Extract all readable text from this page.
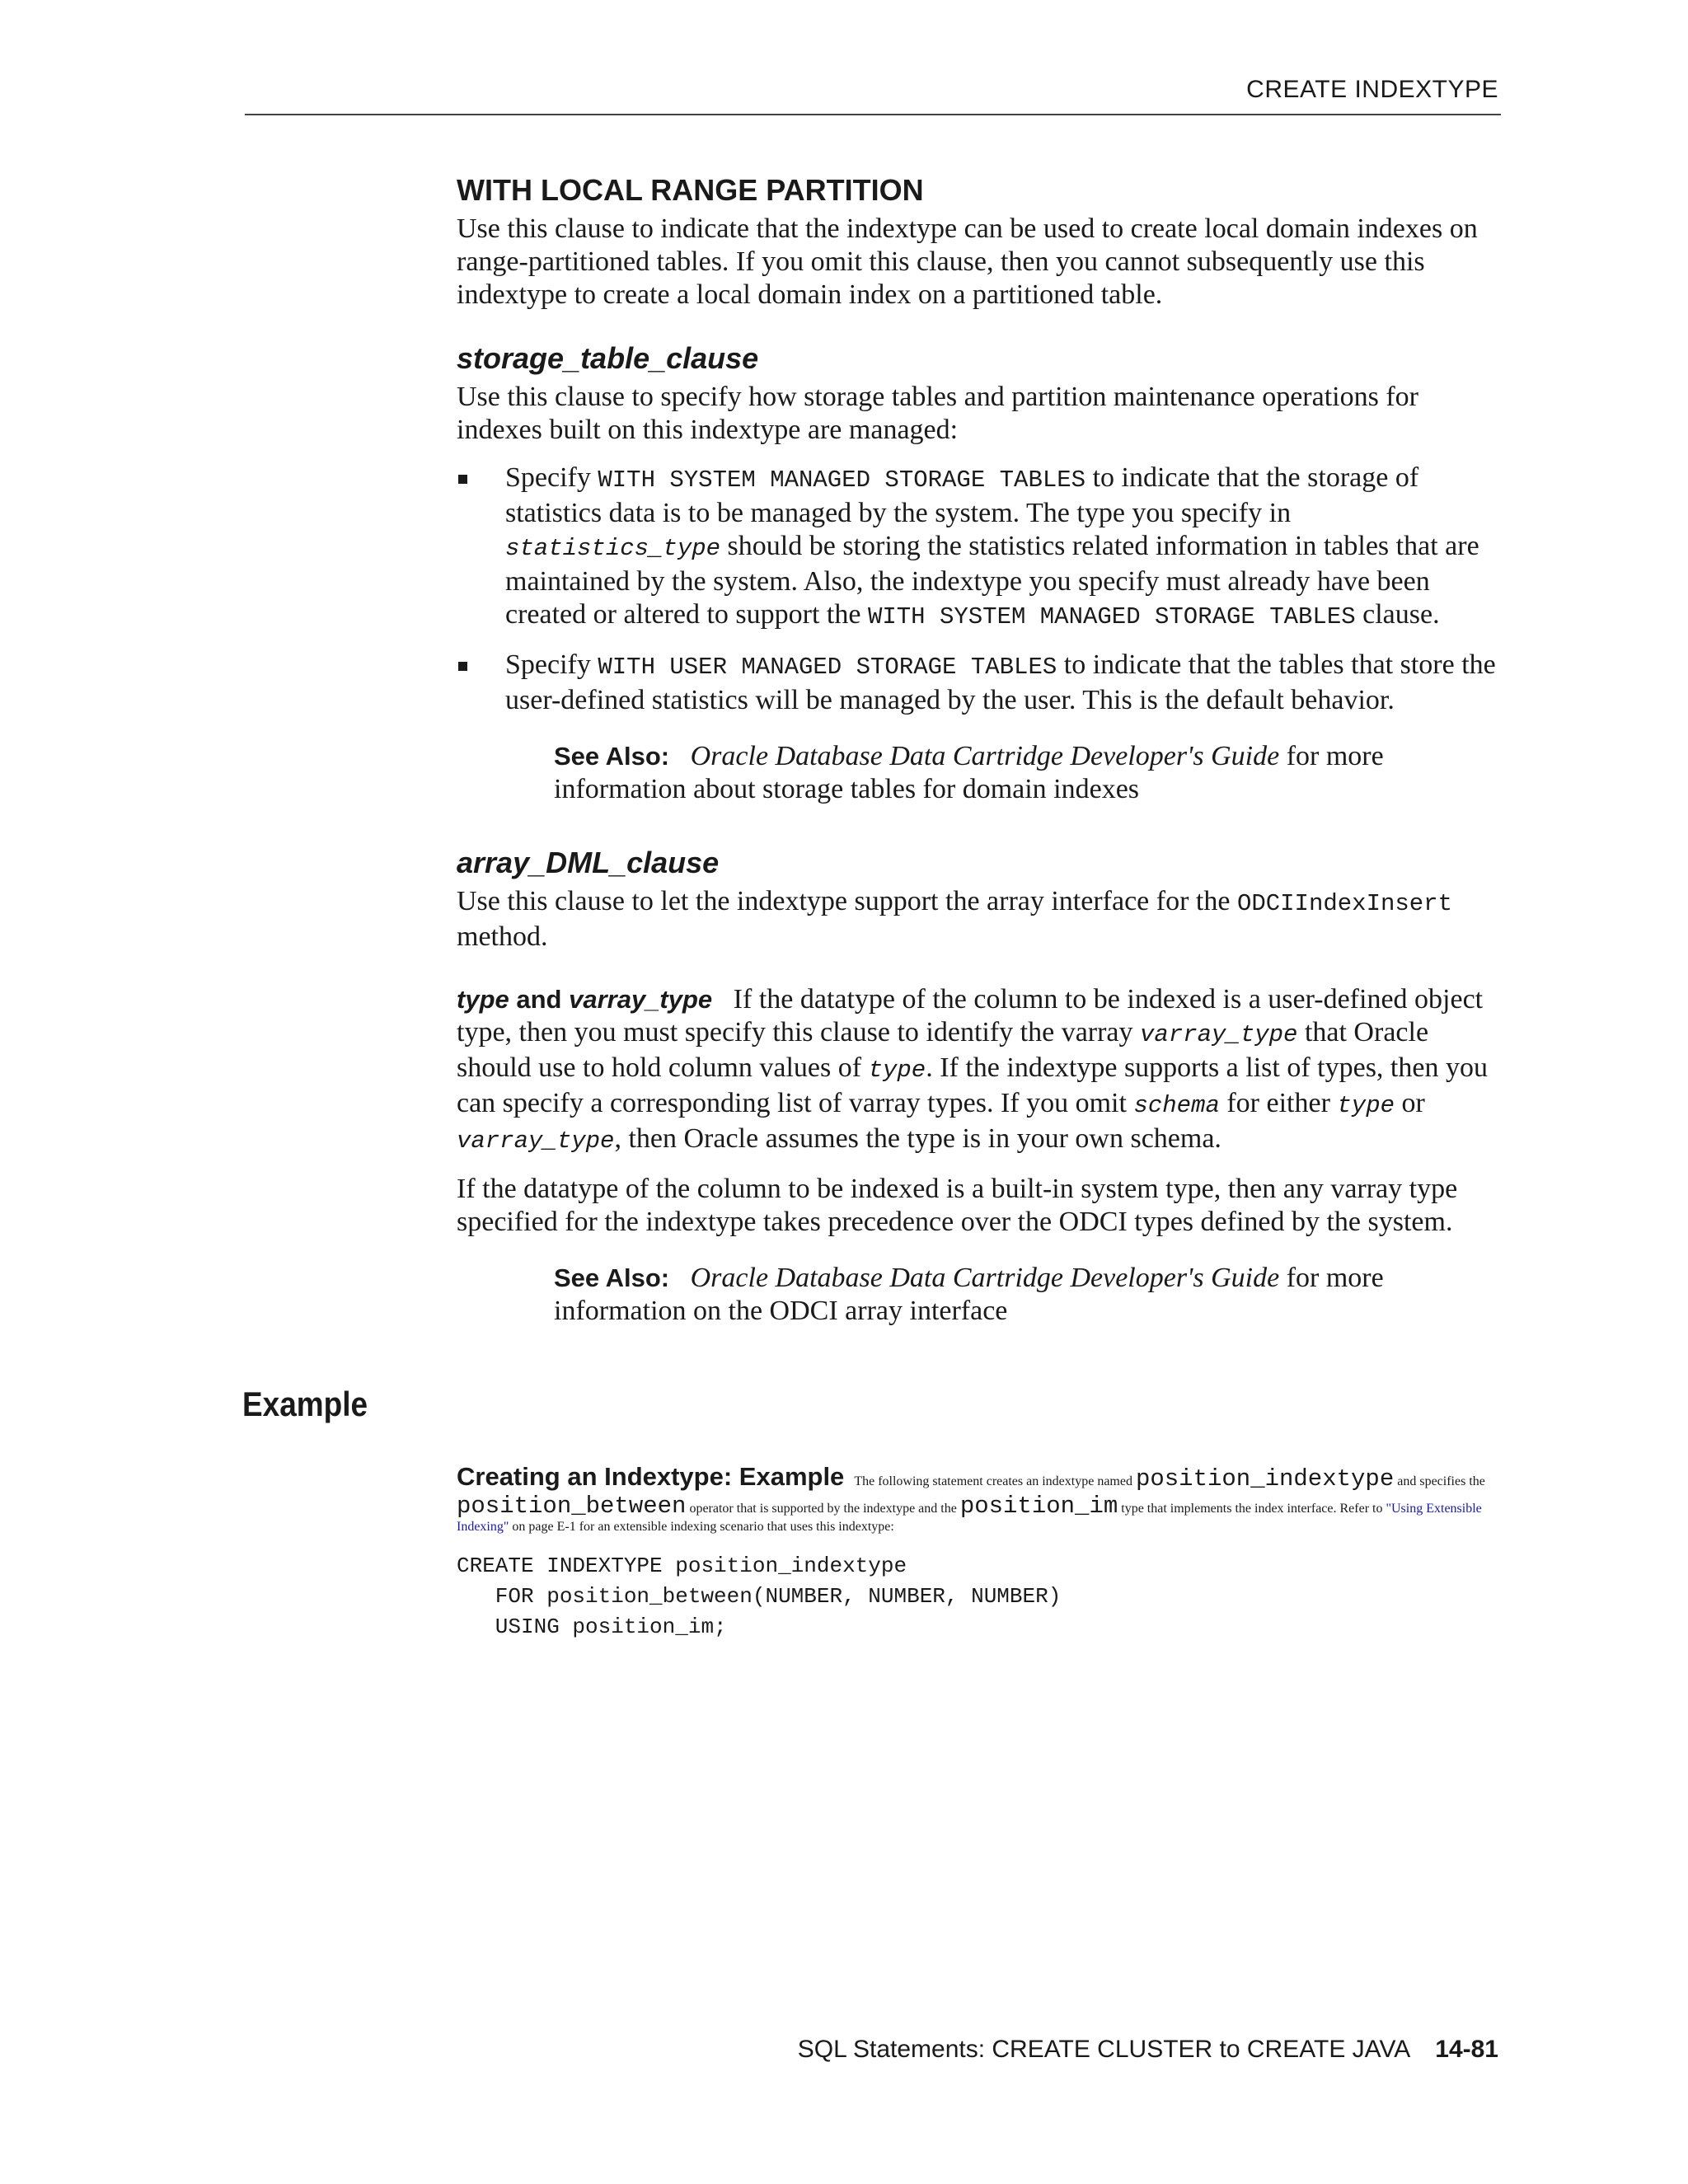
CREATE INDEXTYPE
WITH LOCAL RANGE PARTITION

Use this clause to indicate that the indextype can be used to create local domain indexes on range-partitioned tables. If you omit this clause, then you cannot subsequently use this indextype to create a local domain index on a partitioned table.

storage_table_clause

Use this clause to specify how storage tables and partition maintenance operations for indexes built on this indextype are managed:

Specify WITH SYSTEM MANAGED STORAGE TABLES to indicate that the storage of statistics data is to be managed by the system. The type you specify in statistics_type should be storing the statistics related information in tables that are maintained by the system. Also, the indextype you specify must already have been created or altered to support the WITH SYSTEM MANAGED STORAGE TABLES clause.
Specify WITH USER MANAGED STORAGE TABLES to indicate that the tables that store the user-defined statistics will be managed by the user. This is the default behavior.
See Also: Oracle Database Data Cartridge Developer's Guide for more information about storage tables for domain indexes
array_DML_clause

Use this clause to let the indextype support the array interface for the ODCIIndexInsert method.

type and varray_type If the datatype of the column to be indexed is a user-defined object type, then you must specify this clause to identify the varray varray_type that Oracle should use to hold column values of type. If the indextype supports a list of types, then you can specify a corresponding list of varray types. If you omit schema for either type or varray_type, then Oracle assumes the type is in your own schema.

If the datatype of the column to be indexed is a built-in system type, then any varray type specified for the indextype takes precedence over the ODCI types defined by the system.

See Also: Oracle Database Data Cartridge Developer's Guide for more information on the ODCI array interface
Example

Creating an Indextype: Example The following statement creates an indextype named position_indextype and specifies the position_between operator that is supported by the indextype and the position_im type that implements the index interface. Refer to "Using Extensible Indexing" on page E-1 for an extensible indexing scenario that uses this indextype:

CREATE INDEXTYPE position_indextype
FOR position_between(NUMBER, NUMBER, NUMBER)
USING position_im;
SQL Statements: CREATE CLUSTER to CREATE JAVA 14-81
